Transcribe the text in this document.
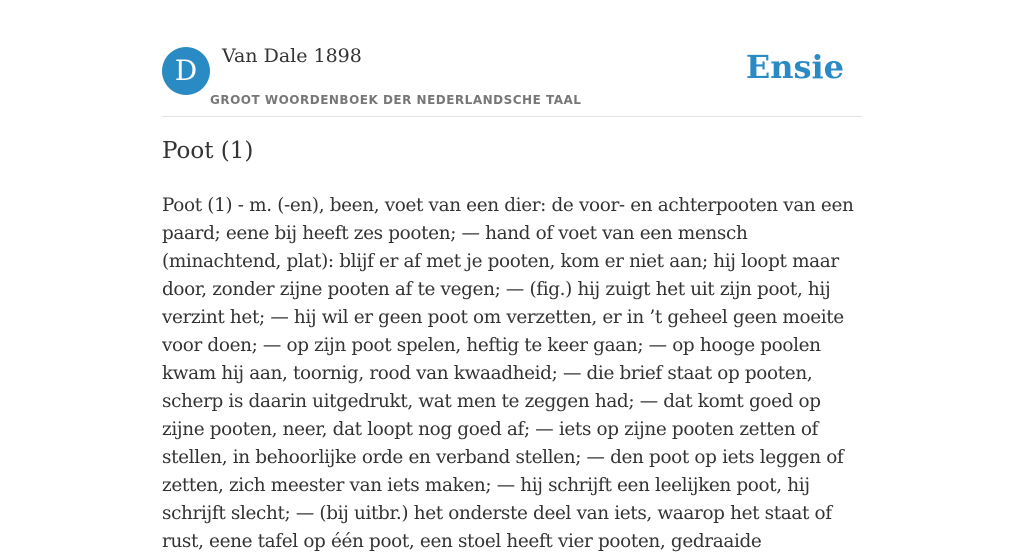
D	Van Dale 1898
GROOT WOORDENBOEK DER NEDERLANDSCHE TAAL
Ensie
Poot (1)

Poot (1) - m. (-en), been, voet van een dier: de voor- en achterpooten van een paard; eene bij heeft zes pooten; — hand of voet van een mensch (minachtend, plat): blijf er af met je pooten, kom er niet aan; hij loopt maar door, zonder zijne pooten af te vegen; — (fig.) hij zuigt het uit zijn poot, hij verzint het; — hij wil er geen poot om verzetten, er in ’t geheel geen moeite voor doen; — op zijn poot spelen, heftig te keer gaan; — op hooge poolen kwam hij aan, toornig, rood van kwaadheid; — die brief staat op pooten, scherp is daarin uitgedrukt, wat men te zeggen had; — dat komt goed op zijne pooten, neer, dat loopt nog goed af; — iets op zijne pooten zetten of stellen, in behoorlijke orde en verband stellen; — den poot op iets leggen of zetten, zich meester van iets maken; — hij schrijft een leelijken poot, hij schrijft slecht; — (bij uitbr.) het onderste deel van iets, waarop het staat of rust, eene tafel op één poot, een stoel heeft vier pooten, gedraaide
